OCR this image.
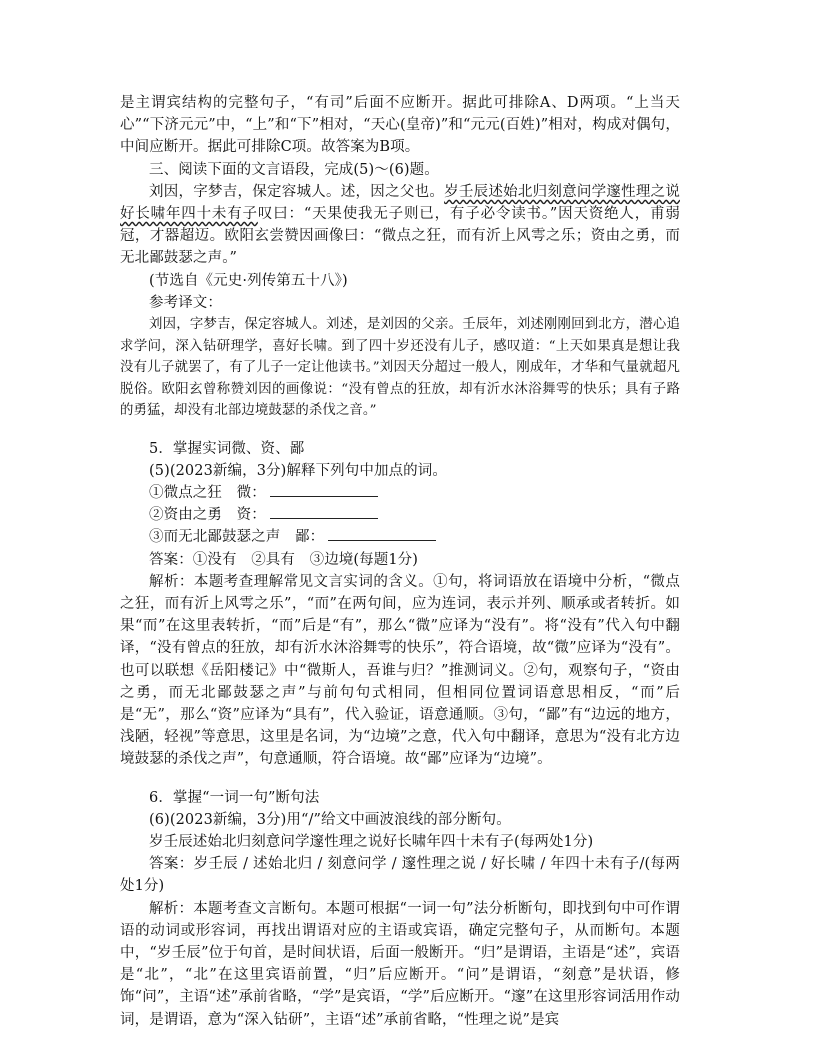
是主谓宾结构的完整句子，“有司”后面不应断开。据此可排除A、D两项。“上当天心”“下济元元”中，“上”和“下”相对，“天心(皇帝)”和“元元(百姓)”相对，构成对偶句，中间应断开。据此可排除C项。故答案为B项。

三、阅读下面的文言语段，完成(5)～(6)题。

刘因，字梦吉，保定容城人。述，因之父也。岁壬辰述始北归刻意问学邃性理之说好长啸年四十未有子叹曰：“天果使我无子则已，有子必令读书。”因天资绝人，甫弱冠，才器超迈。欧阳玄尝赞因画像曰：“微点之狂，而有沂上风雩之乐；资由之勇，而无北鄙鼓瑟之声。”

(节选自《元史·列传第五十八》)

参考译文：

刘因，字梦吉，保定容城人。刘述，是刘因的父亲。壬辰年，刘述刚刚回到北方，潜心追求学问，深入钻研理学，喜好长啸。到了四十岁还没有儿子，感叹道：“上天如果真是想让我没有儿子就罢了，有了儿子一定让他读书。”刘因天分超过一般人，刚成年，才华和气量就超凡脱俗。欧阳玄曾称赞刘因的画像说：“没有曾点的狂放，却有沂水沐浴舞雩的快乐；具有子路的勇猛，却没有北部边境鼓瑟的杀伐之音。”

5．掌握实词微、资、鄙

(5)(2023新编，3分)解释下列句中加点的词。

①微点之狂　微：

②资由之勇　资：

③而无北鄙鼓瑟之声　鄙：

答案：①没有　②具有　③边境(每题1分)

解析：本题考查理解常见文言实词的含义。①句，将词语放在语境中分析，“微点之狂，而有沂上风雩之乐”，“而”在两句间，应为连词，表示并列、顺承或者转折。如果“而”在这里表转折，“而”后是“有”，那么“微”应译为“没有”。将“没有”代入句中翻译，“没有曾点的狂放，却有沂水沐浴舞雩的快乐”，符合语境，故“微”应译为“没有”。也可以联想《岳阳楼记》中“微斯人，吾谁与归？”推测词义。②句，观察句子，“资由之勇，而无北鄙鼓瑟之声”与前句句式相同，但相同位置词语意思相反，“而”后是“无”，那么“资”应译为“具有”，代入验证，语意通顺。③句，“鄙”有“边远的地方，浅陋，轻视”等意思，这里是名词，为“边境”之意，代入句中翻译，意思为“没有北方边境鼓瑟的杀伐之声”，句意通顺，符合语境。故“鄙”应译为“边境”。

6．掌握“一词一句”断句法

(6)(2023新编，3分)用“/”给文中画波浪线的部分断句。

岁壬辰述始北归刻意问学邃性理之说好长啸年四十未有子(每两处1分)

答案：岁壬辰 / 述始北归 / 刻意问学 / 邃性理之说 / 好长啸 / 年四十未有子/(每两处1分)

解析：本题考查文言断句。本题可根据“一词一句”法分析断句，即找到句中可作谓语的动词或形容词，再找出谓语对应的主语或宾语，确定完整句子，从而断句。本题中，“岁壬辰”位于句首，是时间状语，后面一般断开。“归”是谓语，主语是“述”，宾语是“北”，“北”在这里宾语前置，“归”后应断开。“问”是谓语，“刻意”是状语，修饰“问”，主语“述”承前省略，“学”是宾语，“学”后应断开。“邃”在这里形容词活用作动词，是谓语，意为“深入钻研”，主语“述”承前省略，“性理之说”是宾
